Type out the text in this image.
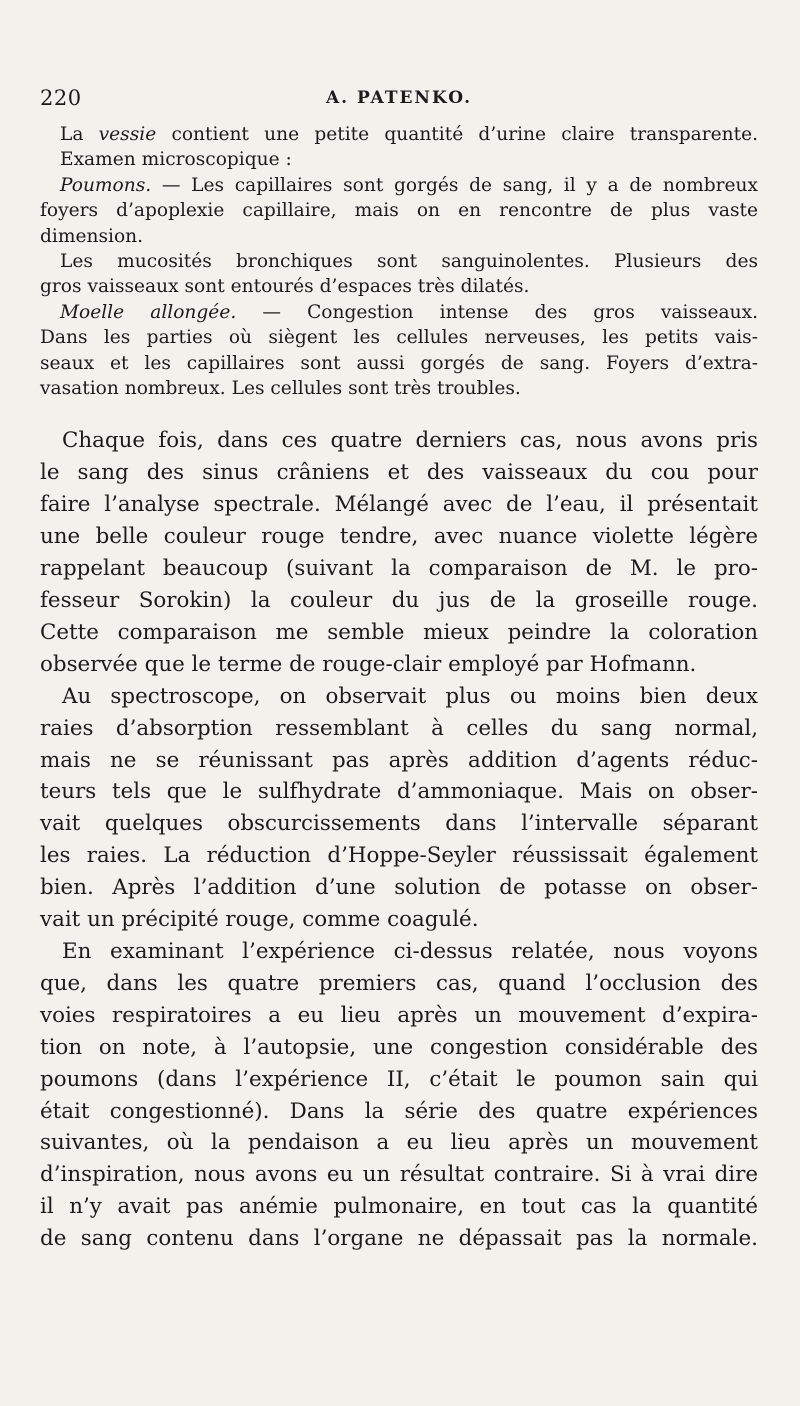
220	A. PATENKO.
La vessie contient une petite quantité d’urine claire transparente.
Examen microscopique :
Poumons. — Les capillaires sont gorgés de sang, il y a de nombreux
foyers d’apoplexie capillaire, mais on en rencontre de plus vaste
dimension.
Les mucosités bronchiques sont sanguinolentes. Plusieurs des
gros vaisseaux sont entourés d’espaces très dilatés.
Moelle allongée. — Congestion intense des gros vaisseaux.
Dans les parties où siègent les cellules nerveuses, les petits vais-
seaux et les capillaires sont aussi gorgés de sang. Foyers d’extra-
vasation nombreux. Les cellules sont très troubles.
Chaque fois, dans ces quatre derniers cas, nous avons pris
le sang des sinus crâniens et des vaisseaux du cou pour
faire l’analyse spectrale. Mélangé avec de l’eau, il présentait
une belle couleur rouge tendre, avec nuance violette légère
rappelant beaucoup (suivant la comparaison de M. le pro-
fesseur Sorokin) la couleur du jus de la groseille rouge.
Cette comparaison me semble mieux peindre la coloration
observée que le terme de rouge-clair employé par Hofmann.
Au spectroscope, on observait plus ou moins bien deux
raies d’absorption ressemblant à celles du sang normal,
mais ne se réunissant pas après addition d’agents réduc-
teurs tels que le sulfhydrate d’ammoniaque. Mais on obser-
vait quelques obscurcissements dans l’intervalle séparant
les raies. La réduction d’Hoppe-Seyler réussissait également
bien. Après l’addition d’une solution de potasse on obser-
vait un précipité rouge, comme coagulé.
En examinant l’expérience ci-dessus relatée, nous voyons
que, dans les quatre premiers cas, quand l’occlusion des
voies respiratoires a eu lieu après un mouvement d’expira-
tion on note, à l’autopsie, une congestion considérable des
poumons (dans l’expérience II, c’était le poumon sain qui
était congestionné). Dans la série des quatre expériences
suivantes, où la pendaison a eu lieu après un mouvement
d’inspiration, nous avons eu un résultat contraire. Si à vrai dire
il n’y avait pas anémie pulmonaire, en tout cas la quantité
de sang contenu dans l’organe ne dépassait pas la normale.
